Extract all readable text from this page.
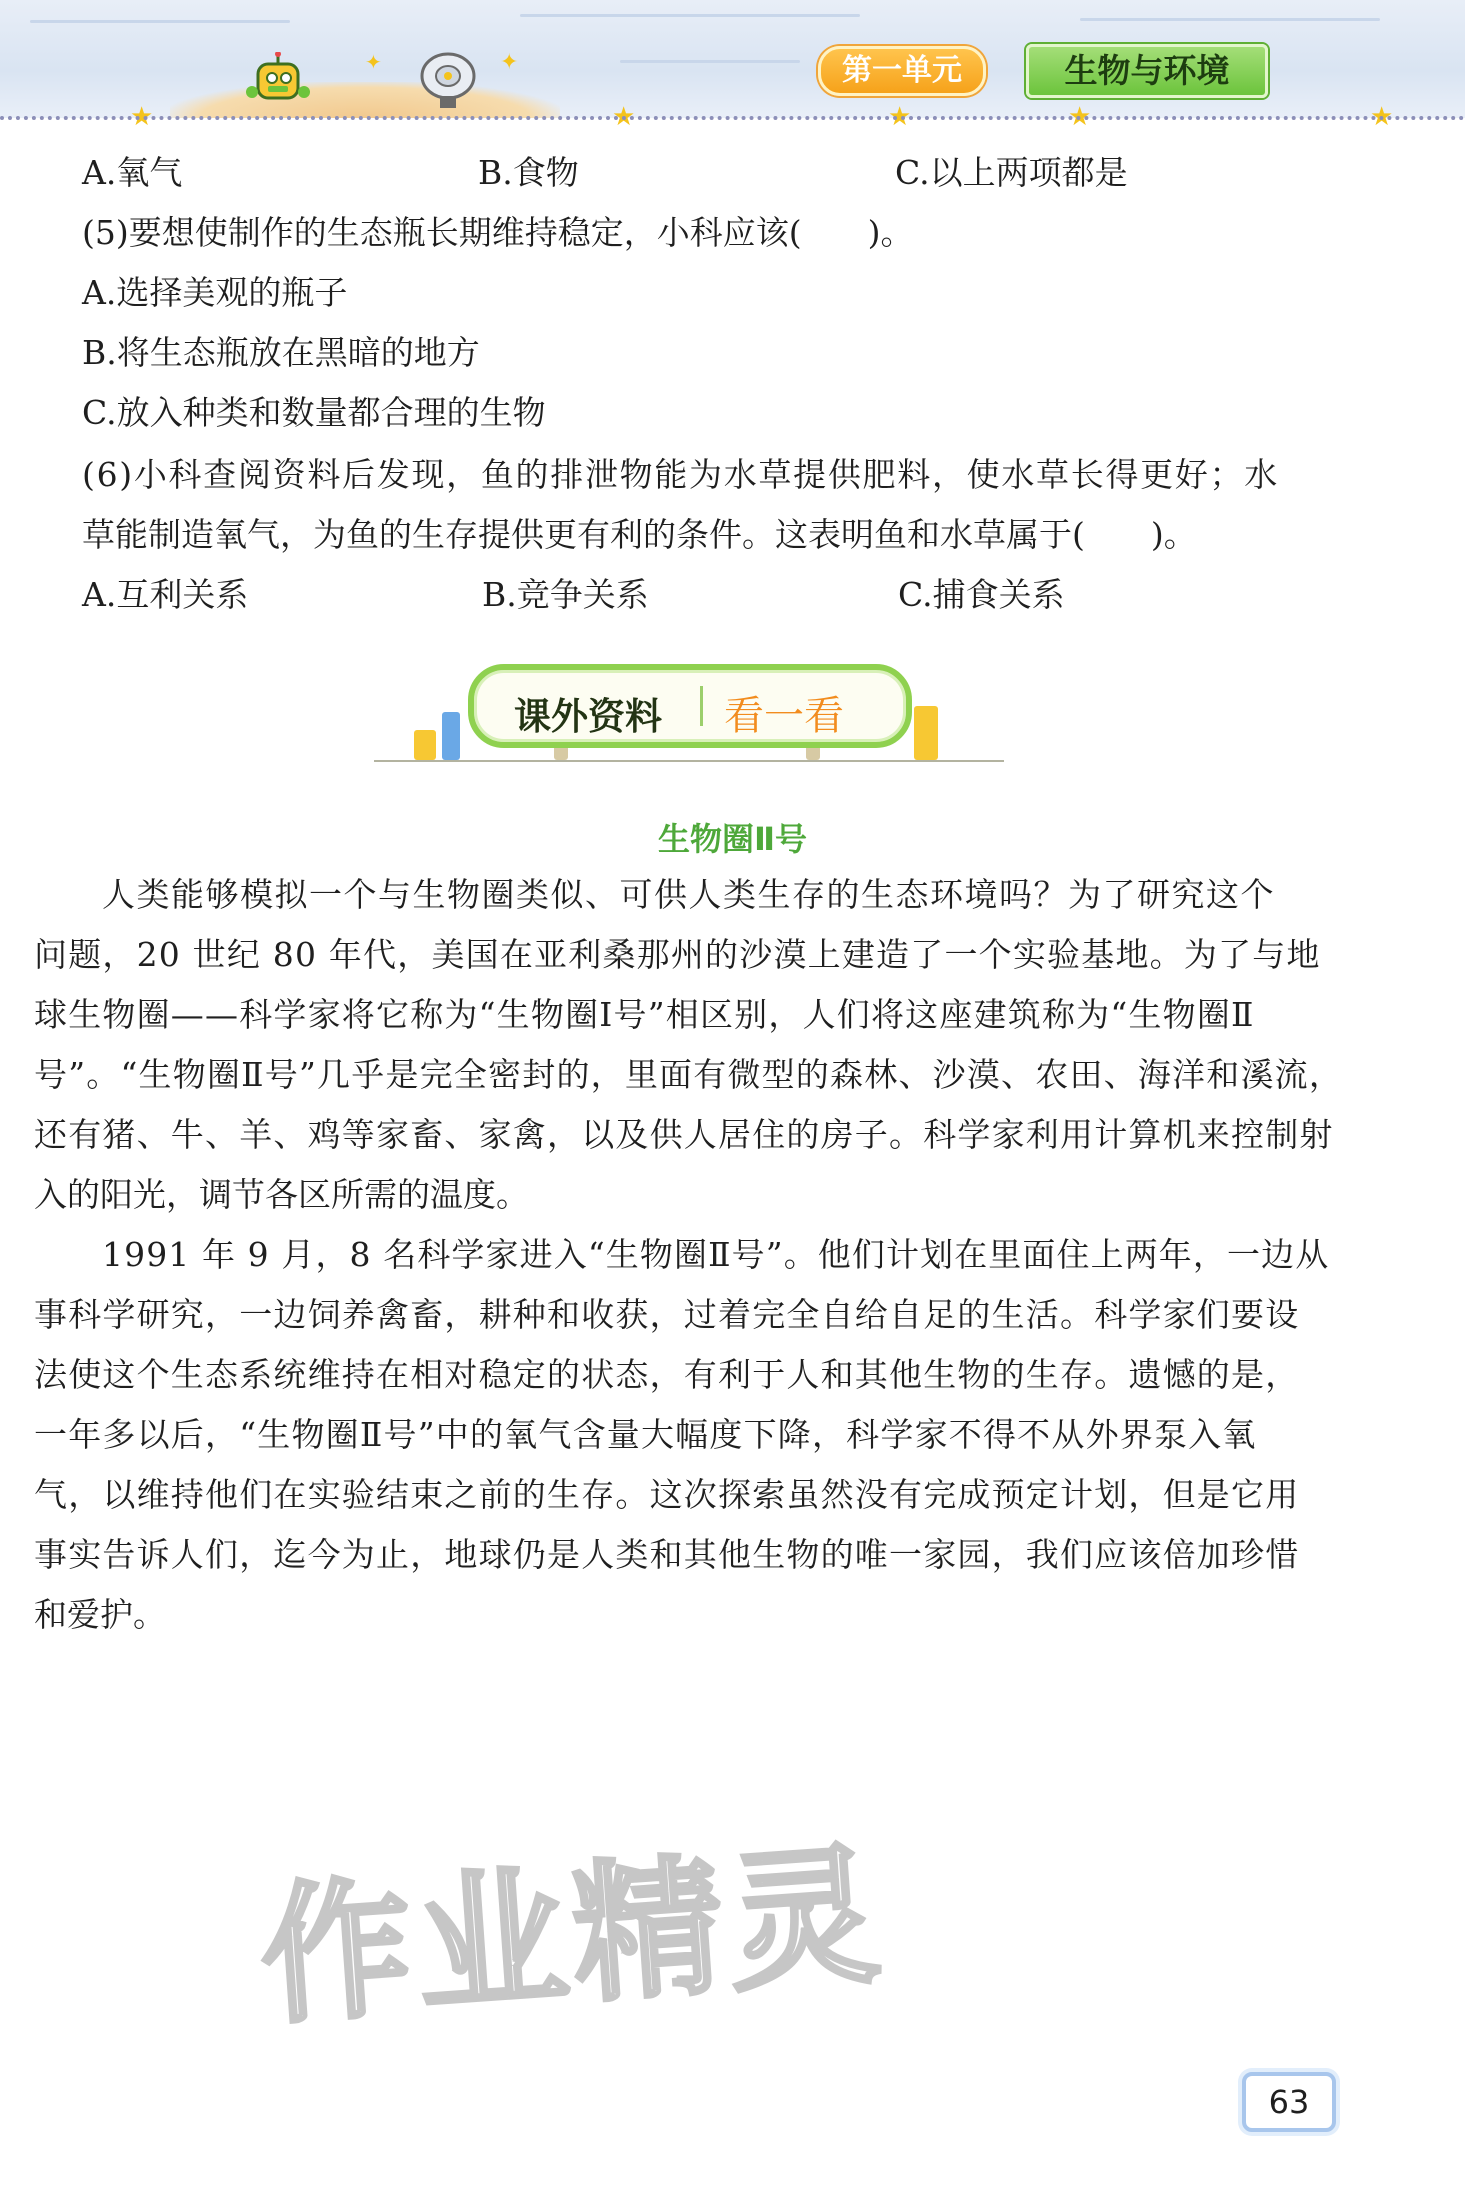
★
✦	✦
★	★	★	★
第一单元	生物与环境
A.氧气	B.食物	C.以上两项都是
(5)要想使制作的生态瓶长期维持稳定，小科应该(　　)。
A.选择美观的瓶子
B.将生态瓶放在黑暗的地方
C.放入种类和数量都合理的生物
(6)小科查阅资料后发现，鱼的排泄物能为水草提供肥料，使水草长得更好；水
草能制造氧气，为鱼的生存提供更有利的条件。这表明鱼和水草属于(　　)。
A.互利关系	B.竞争关系	C.捕食关系
课外资料 看一看
生物圈Ⅱ号
人类能够模拟一个与生物圈类似、可供人类生存的生态环境吗？为了研究这个
问题，20 世纪 80 年代，美国在亚利桑那州的沙漠上建造了一个实验基地。为了与地
球生物圈——科学家将它称为“生物圈Ⅰ号”相区别，人们将这座建筑称为“生物圈Ⅱ
号”。“生物圈Ⅱ号”几乎是完全密封的，里面有微型的森林、沙漠、农田、海洋和溪流，
还有猪、牛、羊、鸡等家畜、家禽，以及供人居住的房子。科学家利用计算机来控制射
入的阳光，调节各区所需的温度。
1991 年 9 月，8 名科学家进入“生物圈Ⅱ号”。他们计划在里面住上两年，一边从
事科学研究，一边饲养禽畜，耕种和收获，过着完全自给自足的生活。科学家们要设
法使这个生态系统维持在相对稳定的状态，有利于人和其他生物的生存。遗憾的是，
一年多以后，“生物圈Ⅱ号”中的氧气含量大幅度下降，科学家不得不从外界泵入氧
气，以维持他们在实验结束之前的生存。这次探索虽然没有完成预定计划，但是它用
事实告诉人们，迄今为止，地球仍是人类和其他生物的唯一家园，我们应该倍加珍惜
和爱护。
作业精灵
63
